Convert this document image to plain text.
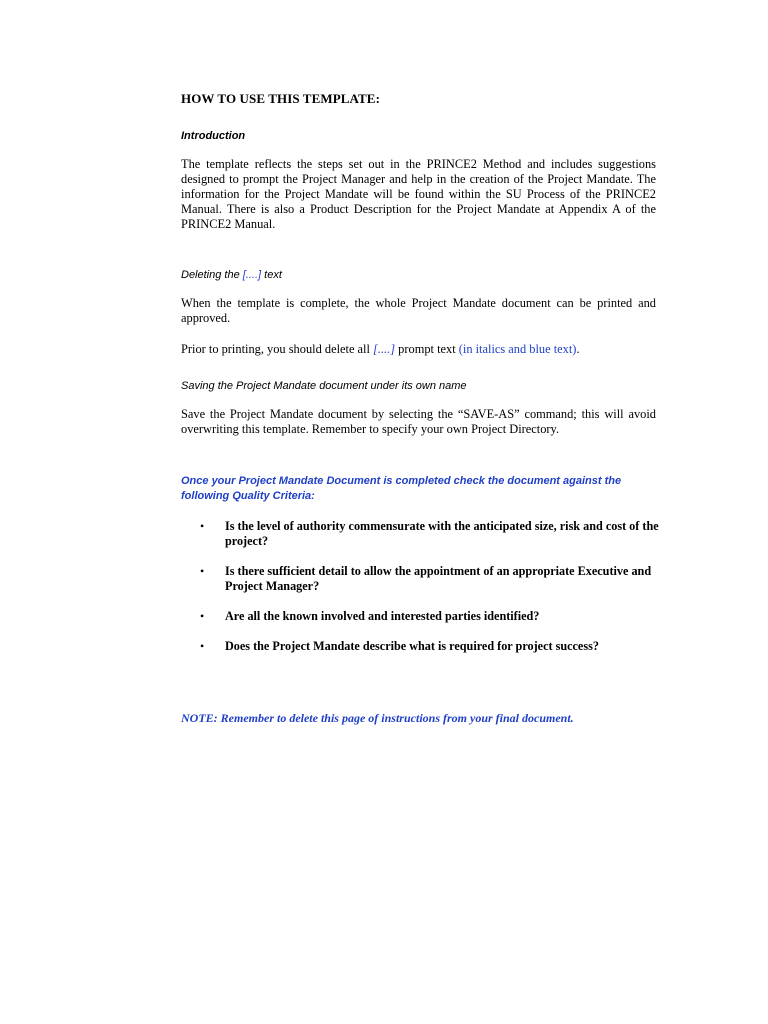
HOW TO USE THIS TEMPLATE:
Introduction
The template reflects the steps set out in the PRINCE2 Method and includes suggestions designed to prompt the Project Manager and help in the creation of the Project Mandate. The information for the Project Mandate will be found within the SU Process of the PRINCE2 Manual. There is also a Product Description for the Project Mandate at Appendix A of the PRINCE2 Manual.
Deleting the [....] text
When the template is complete, the whole Project Mandate document can be printed and approved.
Prior to printing, you should delete all [....] prompt text (in italics and blue text).
Saving the Project Mandate document under its own name
Save the Project Mandate document by selecting the “SAVE-AS” command; this will avoid overwriting this template. Remember to specify your own Project Directory.
Once your Project Mandate Document is completed check the document against the following Quality Criteria:
• Is the level of authority commensurate with the anticipated size, risk and cost of the project?
• Is there sufficient detail to allow the appointment of an appropriate Executive and Project Manager?
• Are all the known involved and interested parties identified?
• Does the Project Mandate describe what is required for project success?
NOTE: Remember to delete this page of instructions from your final document.
